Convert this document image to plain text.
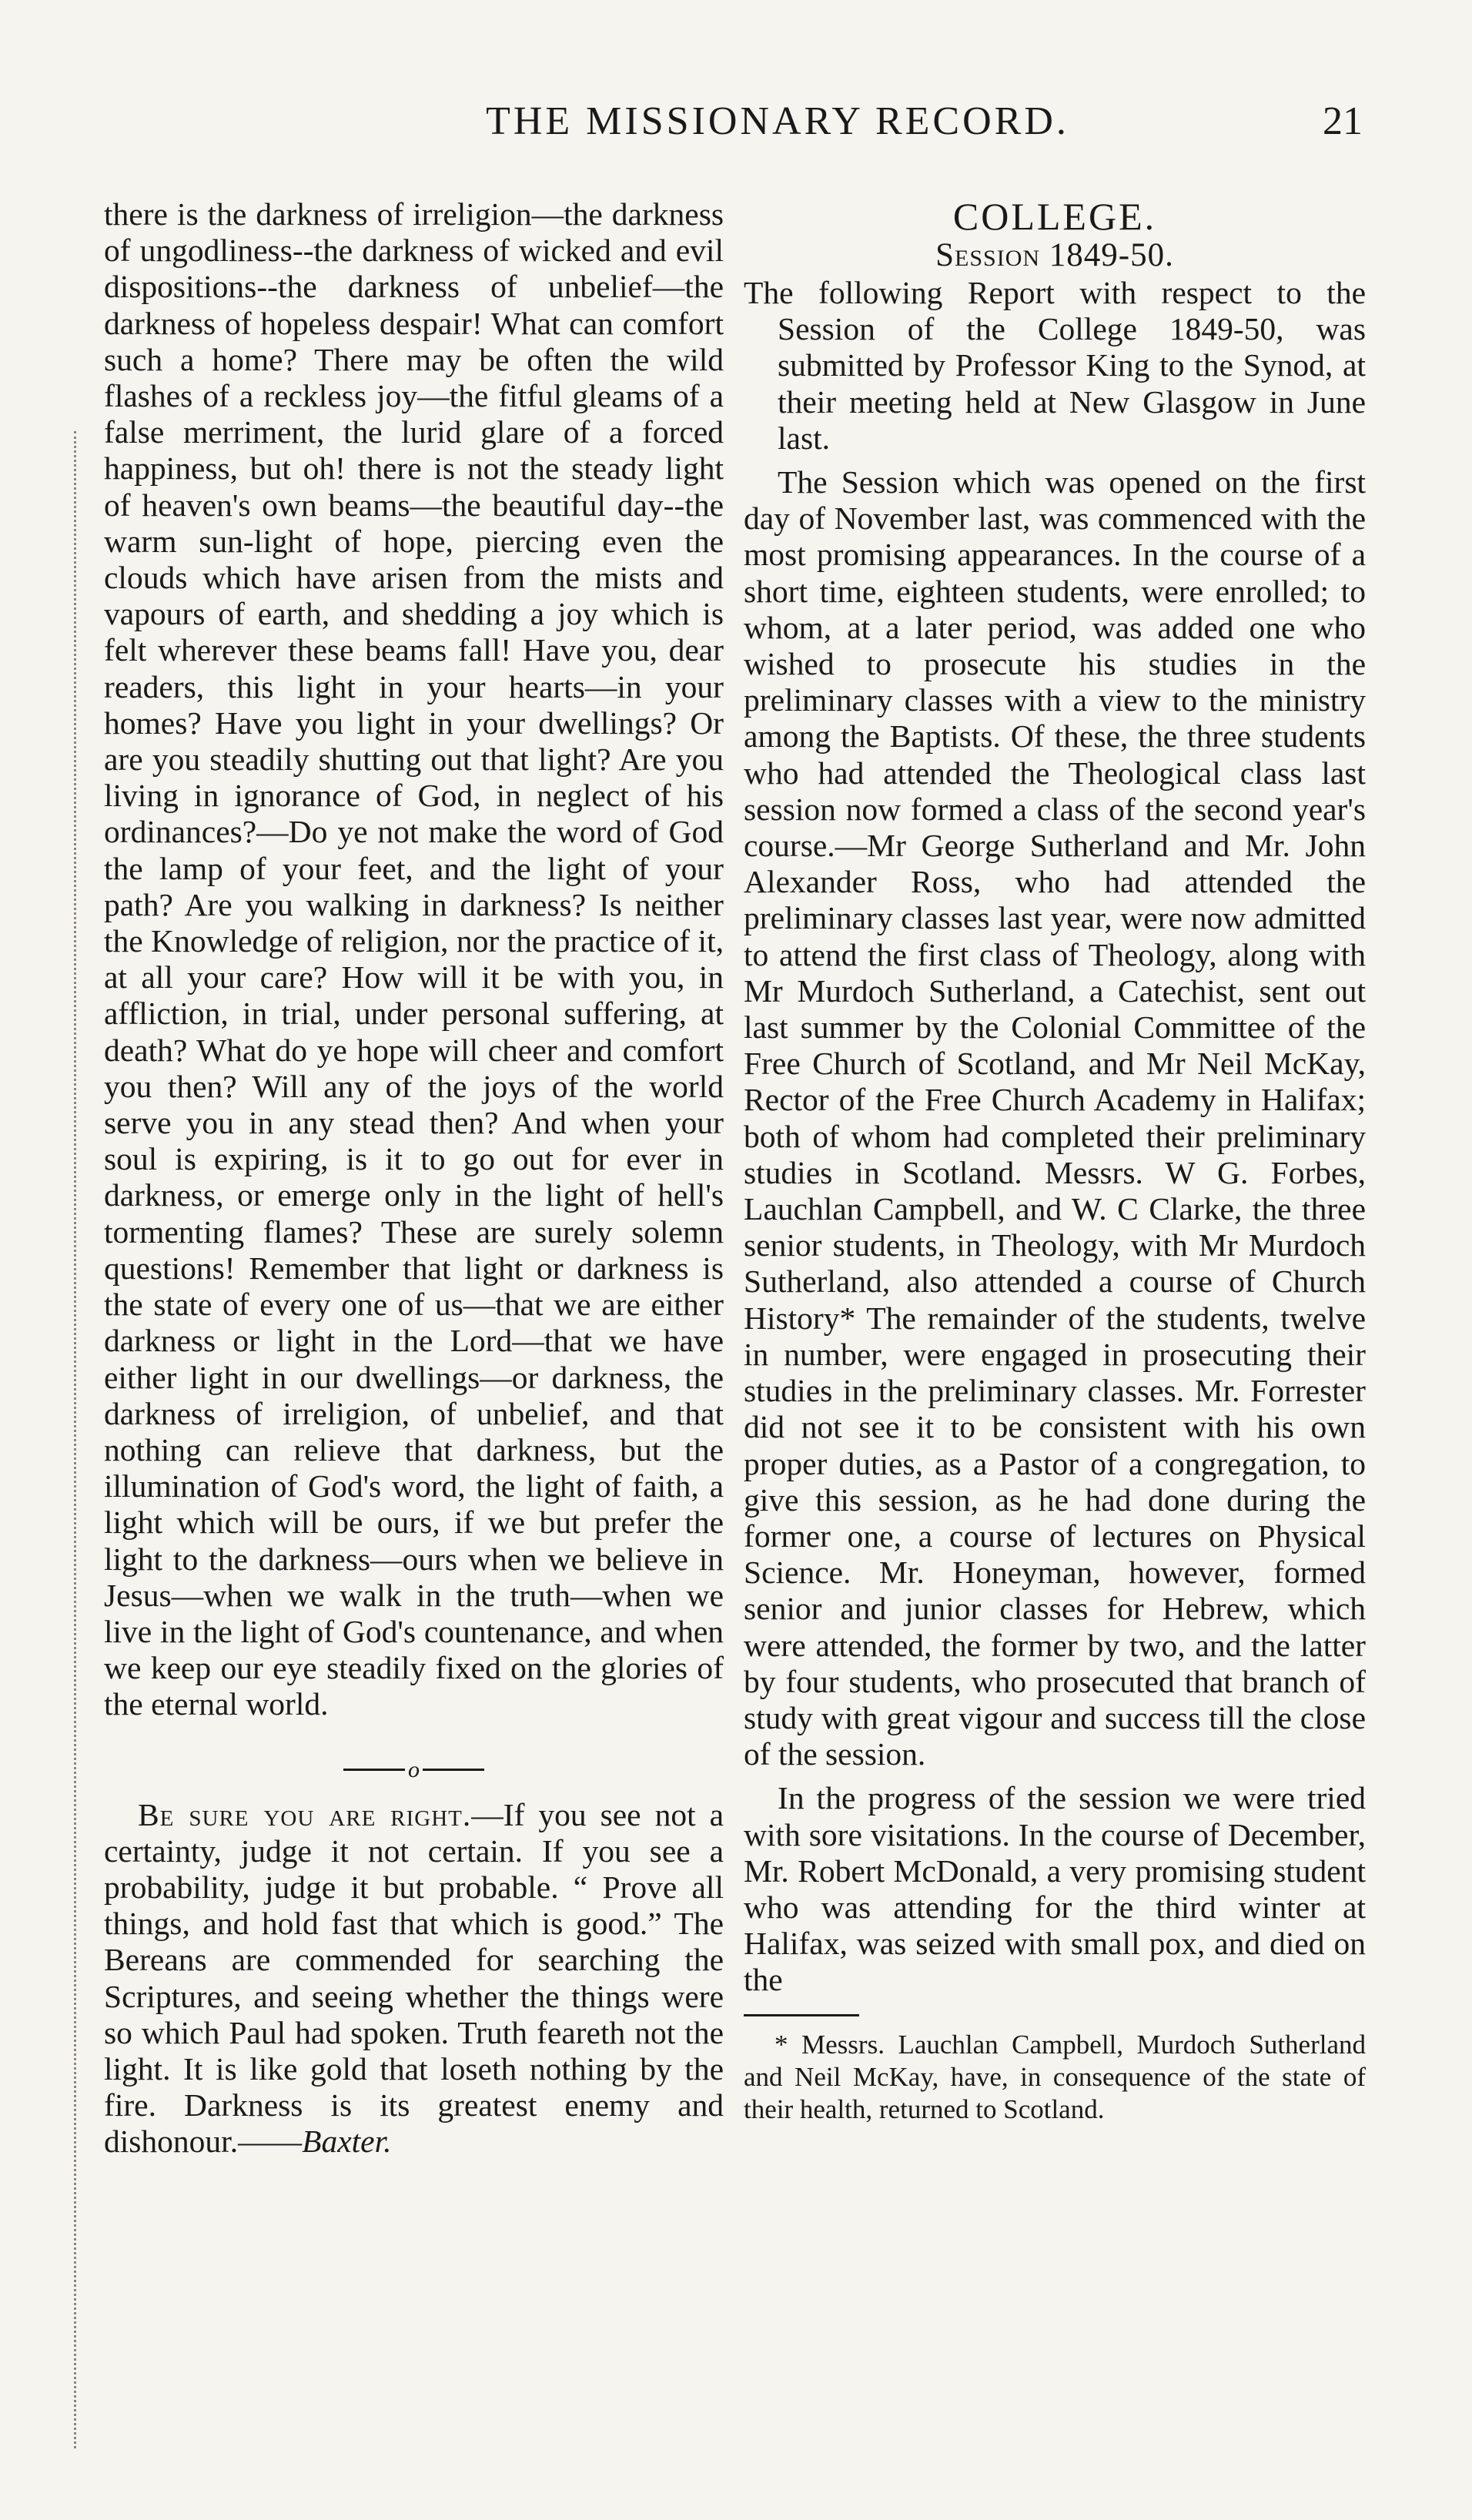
THE MISSIONARY RECORD.	21

there is the darkness of irreligion—the darkness of ungodliness--the darkness of wicked and evil dispositions--the darkness of unbelief—the darkness of hopeless despair! What can comfort such a home? There may be often the wild flashes of a reckless joy—the fitful gleams of a false merriment, the lurid glare of a forced happiness, but oh! there is not the steady light of heaven's own beams—the beautiful day--the warm sun-light of hope, piercing even the clouds which have arisen from the mists and vapours of earth, and shedding a joy which is felt wherever these beams fall! Have you, dear readers, this light in your hearts—in your homes? Have you light in your dwellings? Or are you steadily shutting out that light? Are you living in ignorance of God, in neglect of his ordinances?—Do ye not make the word of God the lamp of your feet, and the light of your path? Are you walking in darkness? Is neither the Knowledge of religion, nor the practice of it, at all your care? How will it be with you, in affliction, in trial, under personal suffering, at death? What do ye hope will cheer and comfort you then? Will any of the joys of the world serve you in any stead then? And when your soul is expiring, is it to go out for ever in darkness, or emerge only in the light of hell's tormenting flames? These are surely solemn questions! Remember that light or darkness is the state of every one of us—that we are either darkness or light in the Lord—that we have either light in our dwellings—or darkness, the darkness of irreligion, of unbelief, and that nothing can relieve that darkness, but the illumination of God's word, the light of faith, a light which will be ours, if we but prefer the light to the darkness—ours when we believe in Jesus—when we walk in the truth—when we live in the light of God's countenance, and when we keep our eye steadily fixed on the glories of the eternal world.

o

Be sure you are right.—If you see not a certainty, judge it not certain. If you see a probability, judge it but probable. “ Prove all things, and hold fast that which is good.” The Bereans are commended for searching the Scriptures, and seeing whether the things were so which Paul had spoken. Truth feareth not the light. It is like gold that loseth nothing by the fire. Darkness is its greatest enemy and dishonour.——Baxter.

COLLEGE.

Session 1849-50.

The following Report with respect to the Session of the College 1849-50, was submitted by Professor King to the Synod, at their meeting held at New Glasgow in June last.

The Session which was opened on the first day of November last, was commenced with the most promising appearances. In the course of a short time, eighteen students, were enrolled; to whom, at a later period, was added one who wished to prosecute his studies in the preliminary classes with a view to the ministry among the Baptists. Of these, the three students who had attended the Theological class last session now formed a class of the second year's course.—Mr George Sutherland and Mr. John Alexander Ross, who had attended the preliminary classes last year, were now admitted to attend the first class of Theology, along with Mr Murdoch Sutherland, a Catechist, sent out last summer by the Colonial Committee of the Free Church of Scotland, and Mr Neil McKay, Rector of the Free Church Academy in Halifax; both of whom had completed their preliminary studies in Scotland. Messrs. W G. Forbes, Lauchlan Campbell, and W. C Clarke, the three senior students, in Theology, with Mr Murdoch Sutherland, also attended a course of Church History* The remainder of the students, twelve in number, were engaged in prosecuting their studies in the preliminary classes. Mr. Forrester did not see it to be consistent with his own proper duties, as a Pastor of a congregation, to give this session, as he had done during the former one, a course of lectures on Physical Science. Mr. Honeyman, however, formed senior and junior classes for Hebrew, which were attended, the former by two, and the latter by four students, who prosecuted that branch of study with great vigour and success till the close of the session.

In the progress of the session we were tried with sore visitations. In the course of December, Mr. Robert McDonald, a very promising student who was attending for the third winter at Halifax, was seized with small pox, and died on the

* Messrs. Lauchlan Campbell, Murdoch Sutherland and Neil McKay, have, in consequence of the state of their health, returned to Scotland.
